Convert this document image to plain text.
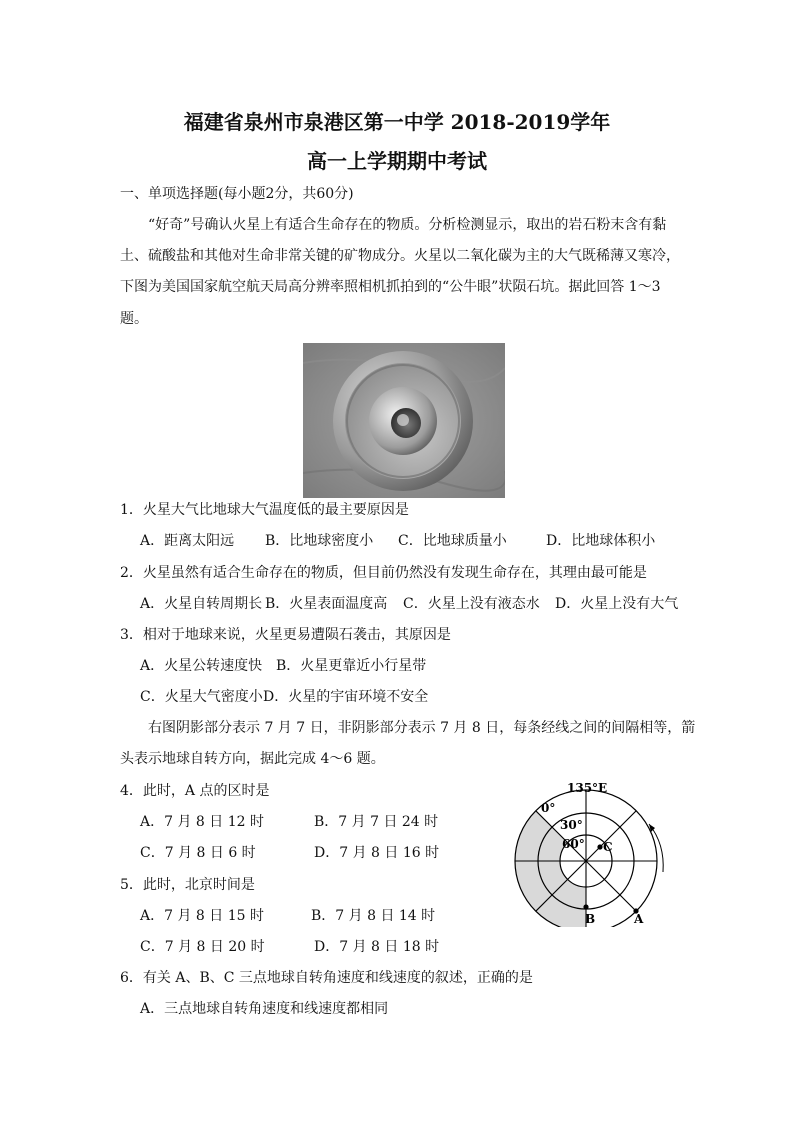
福建省泉州市泉港区第一中学 2018-2019学年
高一上学期期中考试
一、单项选择题(每小题2分，共60分)
“好奇”号确认火星上有适合生命存在的物质。分析检测显示，取出的岩石粉末含有黏
土、硫酸盐和其他对生命非常关键的矿物成分。火星以二氧化碳为主的大气既稀薄又寒冷，
下图为美国国家航空航天局高分辨率照相机抓拍到的“公牛眼”状陨石坑。据此回答 1～3
题。
1．火星大气比地球大气温度低的最主要原因是
A．距离太阳远 B．比地球密度小 C．比地球质量小	D．比地球体积小
2．火星虽然有适合生命存在的物质，但目前仍然没有发现生命存在，其理由最可能是
A．火星自转周期长 B．火星表面温度高 C．火星上没有液态水 D．火星上没有大气
3．相对于地球来说，火星更易遭陨石袭击，其原因是
A．火星公转速度快 B．火星更靠近小行星带
C．火星大气密度小 D．火星的宇宙环境不安全
右图阴影部分表示 7 月 7 日，非阴影部分表示 7 月 8 日，每条经线之间的间隔相等，箭
头表示地球自转方向，据此完成 4～6 题。
4．此时，A 点的区时是
A．7 月 8 日 12 时	B．7 月 7 日 24 时
C．7 月 8 日 6 时	D．7 月 8 日 16 时
5．此时，北京时间是
A．7 月 8 日 15 时	B．7 月 8 日 14 时
C．7 月 8 日 20 时	D．7 月 8 日 18 时
6．有关 A、B、C 三点地球自转角速度和线速度的叙述，正确的是
A．三点地球自转角速度和线速度都相同
135°E
0°
30°
60° C
B	A
